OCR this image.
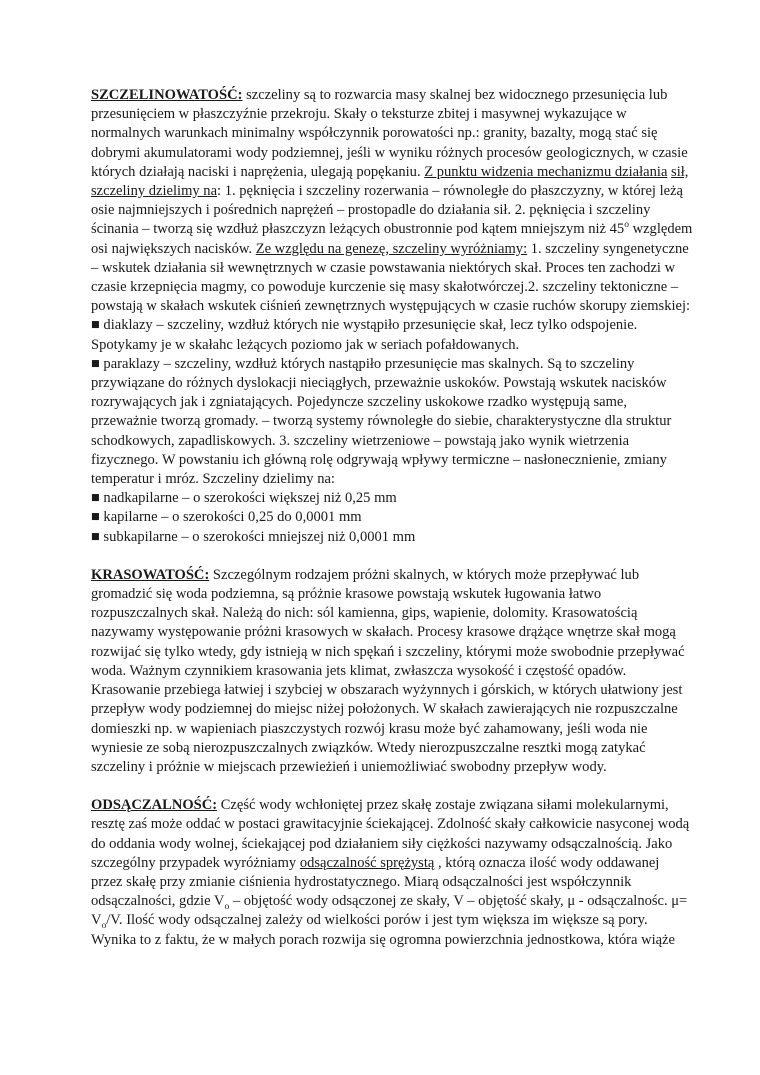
SZCZELINOWATOŚĆ: szczeliny są to rozwarcia masy skalnej bez widocznego przesunięcia lub przesunięciem w płaszczyźnie przekroju. Skały o teksturze zbitej i masywnej wykazujące w normalnych warunkach minimalny współczynnik porowatości np.: granity, bazalty, mogą stać się dobrymi akumulatorami wody podziemnej, jeśli w wyniku różnych procesów geologicznych, w czasie których działają naciski i naprężenia, ulegają popękaniu. Z punktu widzenia mechanizmu działania sił, szczeliny dzielimy na: 1. pęknięcia i szczeliny rozerwania – równoległe do płaszczyzny, w której leżą osie najmniejszych i pośrednich naprężeń – prostopadle do działania sił. 2. pęknięcia i szczeliny ścinania – tworzą się wzdłuż płaszczyzn leżących obustronnie pod kątem mniejszym niż 45$^o$ względem osi największych nacisków. Ze względu na genezę, szczeliny wyróżniamy: 1. szczeliny syngenetyczne – wskutek działania sił wewnętrznych w czasie powstawania niektórych skał. Proces ten zachodzi w czasie krzepnięcia magmy, co powoduje kurczenie się masy skałotwórczej.2. szczeliny tektoniczne – powstają w skałach wskutek ciśnień zewnętrznych występujących w czasie ruchów skorupy ziemskiej:
■ diaklazy – szczeliny, wzdłuż których nie wystąpiło przesunięcie skał, lecz tylko odspojenie. Spotykamy je w skałahc leżących poziomo jak w seriach pofałdowanych.
■ paraklazy – szczeliny, wzdłuż których nastąpiło przesunięcie mas skalnych. Są to szczeliny przywiązane do różnych dyslokacji nieciągłych, przeważnie uskoków. Powstają wskutek nacisków rozrywających jak i zgniatających. Pojedyncze szczeliny uskokowe rzadko występują same, przeważnie tworzą gromady. – tworzą systemy równoległe do siebie, charakterystyczne dla struktur schodkowych, zapadliskowych. 3. szczeliny wietrzeniowe – powstają jako wynik wietrzenia fizycznego. W powstaniu ich główną rolę odgrywają wpływy termiczne – nasłonecznienie, zmiany temperatur i mróz. Szczeliny dzielimy na:
■ nadkapilarne – o szerokości większej niż 0,25 mm
■ kapilarne – o szerokości 0,25 do 0,0001 mm
■ subkapilarne – o szerokości mniejszej niż 0,0001 mm

KRASOWATOŚĆ: Szczególnym rodzajem próżni skalnych, w których może przepływać lub gromadzić się woda podziemna, są próżnie krasowe powstają wskutek ługowania łatwo rozpuszczalnych skał. Należą do nich: sól kamienna, gips, wapienie, dolomity. Krasowatością nazywamy występowanie próżni krasowych w skałach. Procesy krasowe drążące wnętrze skał mogą rozwijać się tylko wtedy, gdy istnieją w nich spękań i szczeliny, którymi może swobodnie przepływać woda. Ważnym czynnikiem krasowania jets klimat, zwłaszcza wysokość i częstość opadów. Krasowanie przebiega łatwiej i szybciej w obszarach wyżynnych i górskich, w których ułatwiony jest przepływ wody podziemnej do miejsc niżej położonych. W skałach zawierających nie rozpuszczalne domieszki np. w wapieniach piaszczystych rozwój krasu może być zahamowany, jeśli woda nie wyniesie ze sobą nierozpuszczalnych związków. Wtedy nierozpuszczalne resztki mogą zatykać szczeliny i próżnie w miejscach przewieżień i uniemożliwiać swobodny przepływ wody.

ODSĄCZALNOŚĆ: Część wody wchłoniętej przez skałę zostaje związana siłami molekularnymi, resztę zaś może oddać w postaci grawitacyjnie ściekającej. Zdolność skały całkowicie nasyconej wodą do oddania wody wolnej, ściekającej pod działaniem siły ciężkości nazywamy odsączalnością. Jako szczególny przypadek wyróżniamy odsączalność sprężystą , którą oznacza ilość wody oddawanej przez skałę przy zmianie ciśnienia hydrostatycznego. Miarą odsączalności jest współczynnik odsączalności, gdzie $V_o$ – objętość wody odsączonej ze skały, V – objętość skały, μ - odsączalnośc. $\mu= V_o/V$. Ilość wody odsączalnej zależy od wielkości porów i jest tym większa im większe są pory. Wynika to z faktu, że w małych porach rozwija się ogromna powierzchnia jednostkowa, która wiąże
